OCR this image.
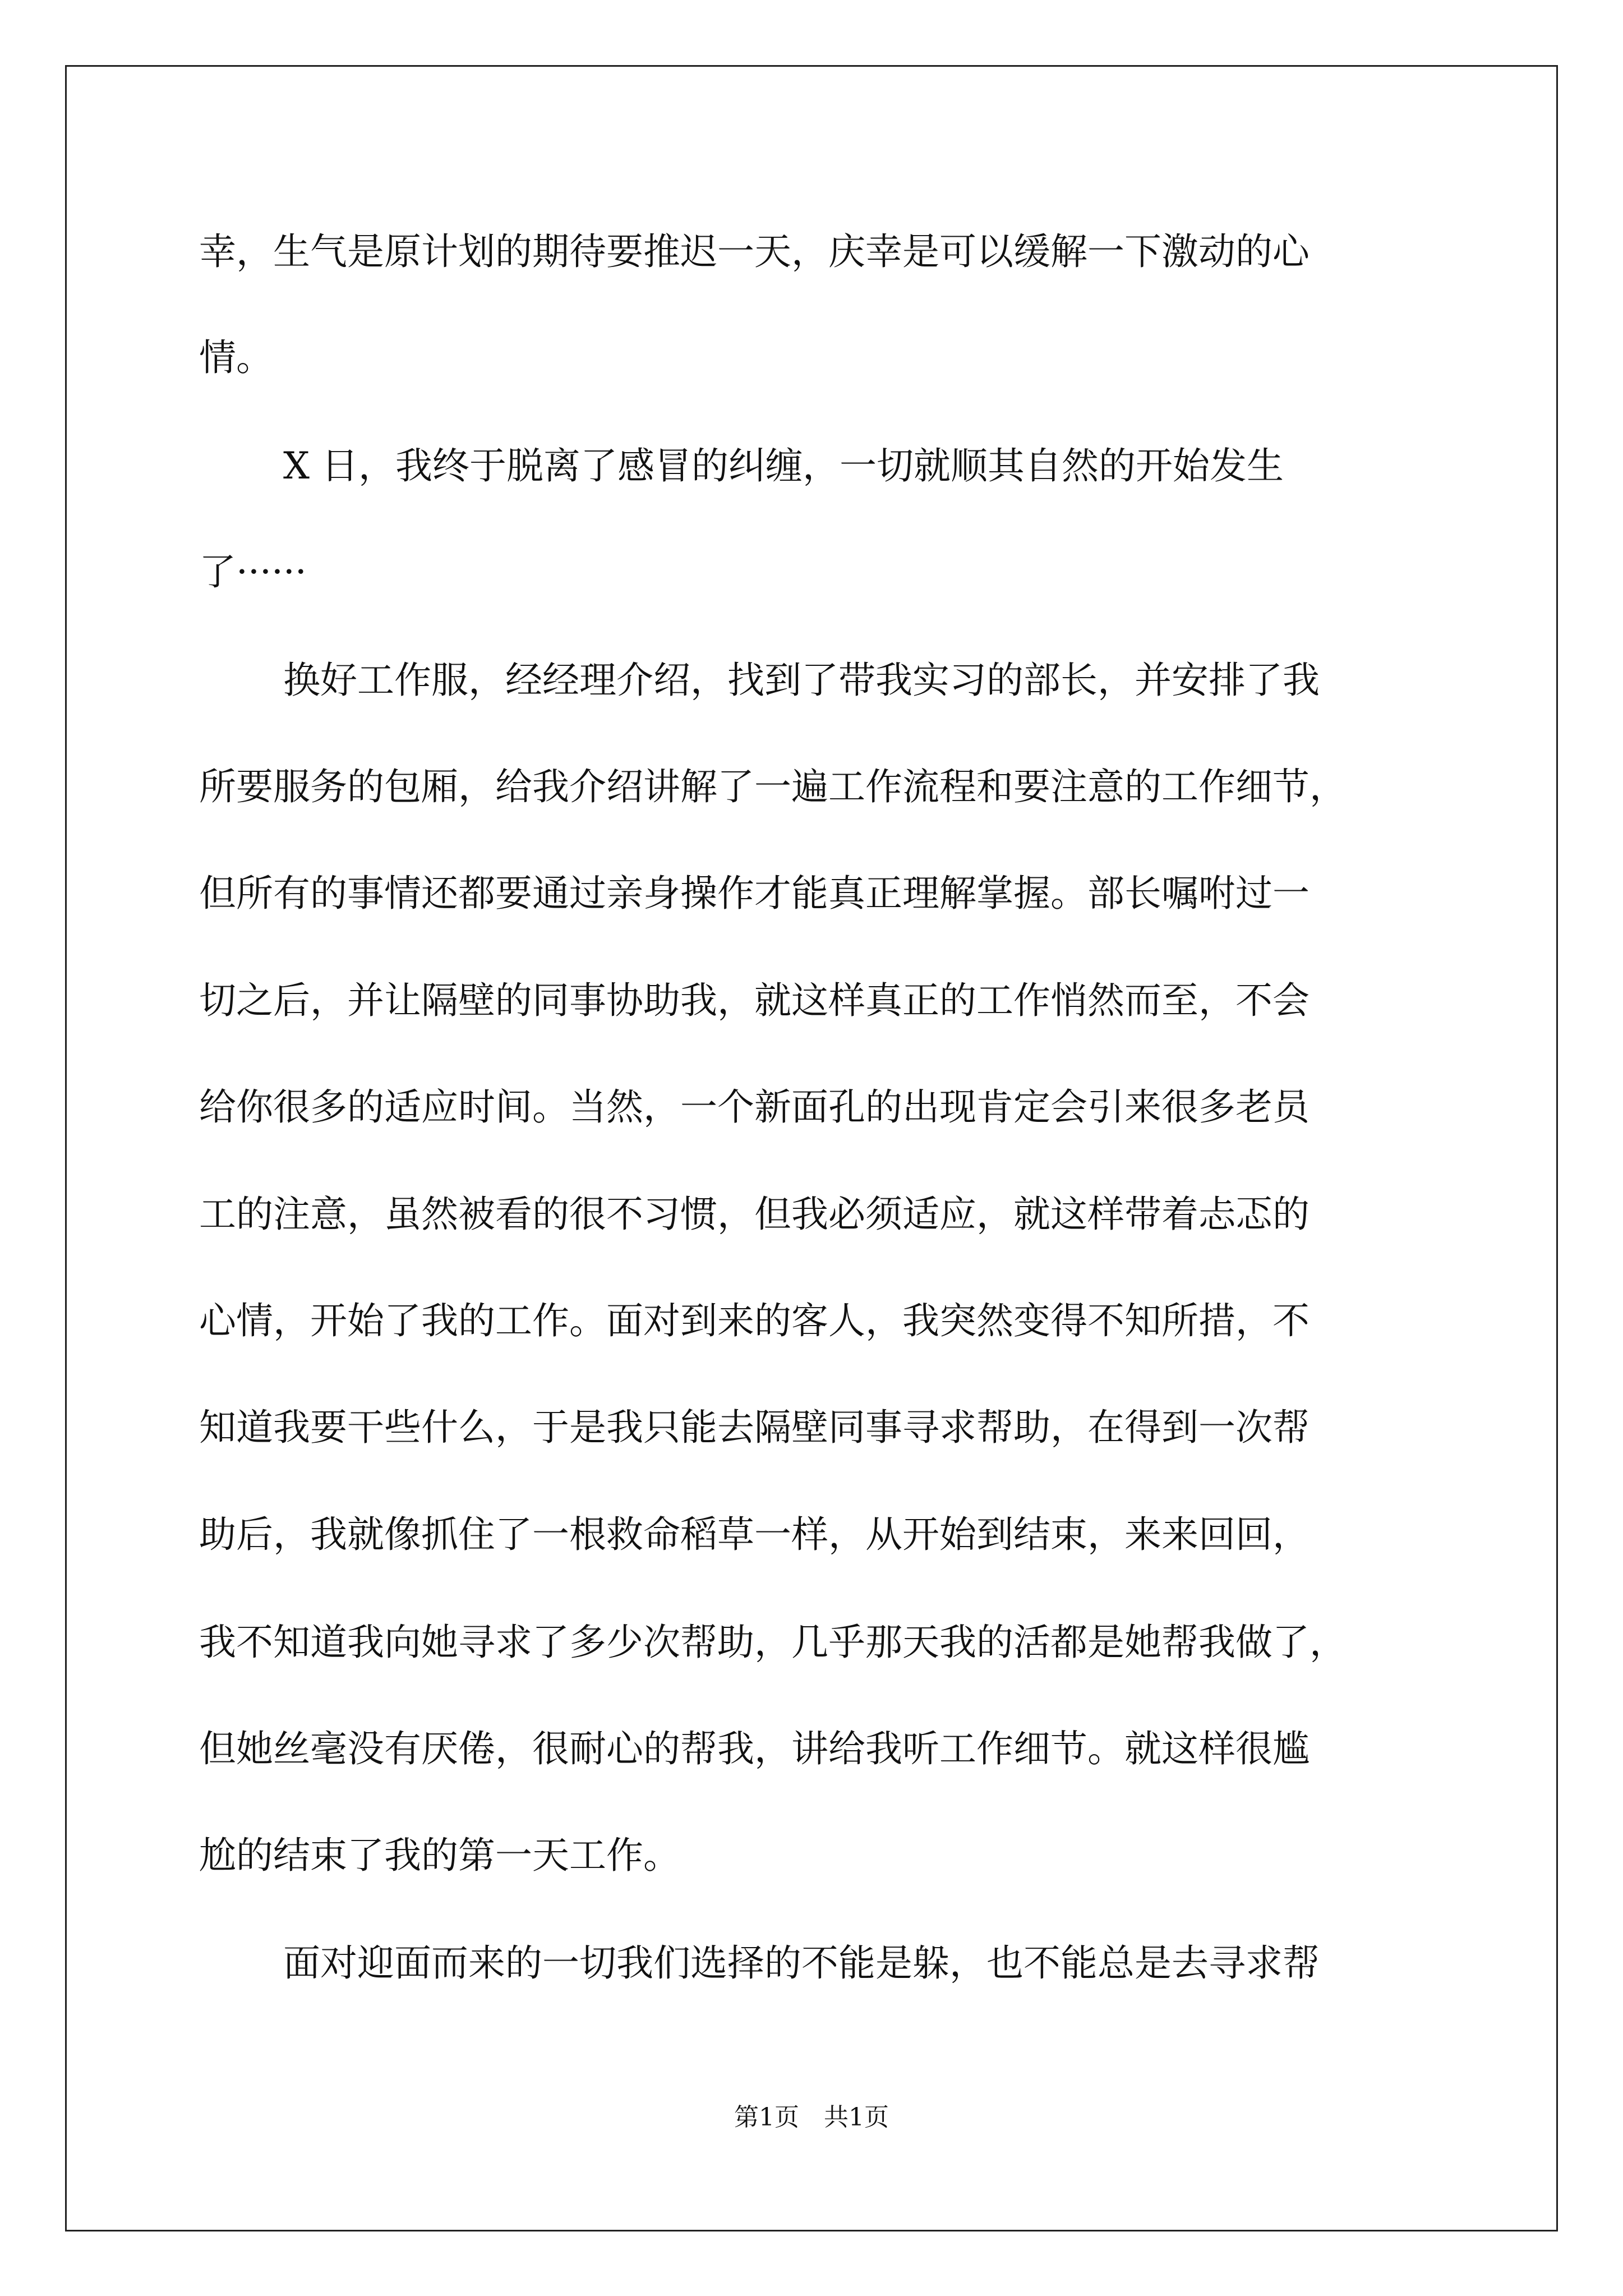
幸，生气是原计划的期待要推迟一天，庆幸是可以缓解一下激动的心
情。
X 日，我终于脱离了感冒的纠缠，一切就顺其自然的开始发生
了······
换好工作服，经经理介绍，找到了带我实习的部长，并安排了我
所要服务的包厢，给我介绍讲解了一遍工作流程和要注意的工作细节，
但所有的事情还都要通过亲身操作才能真正理解掌握。部长嘱咐过一
切之后，并让隔壁的同事协助我，就这样真正的工作悄然而至，不会
给你很多的适应时间。当然，一个新面孔的出现肯定会引来很多老员
工的注意，虽然被看的很不习惯，但我必须适应，就这样带着忐忑的
心情，开始了我的工作。面对到来的客人，我突然变得不知所措，不
知道我要干些什么，于是我只能去隔壁同事寻求帮助，在得到一次帮
助后，我就像抓住了一根救命稻草一样，从开始到结束，来来回回，
我不知道我向她寻求了多少次帮助，几乎那天我的活都是她帮我做了，
但她丝毫没有厌倦，很耐心的帮我，讲给我听工作细节。就这样很尴
尬的结束了我的第一天工作。
面对迎面而来的一切我们选择的不能是躲，也不能总是去寻求帮
第1页　共1页
